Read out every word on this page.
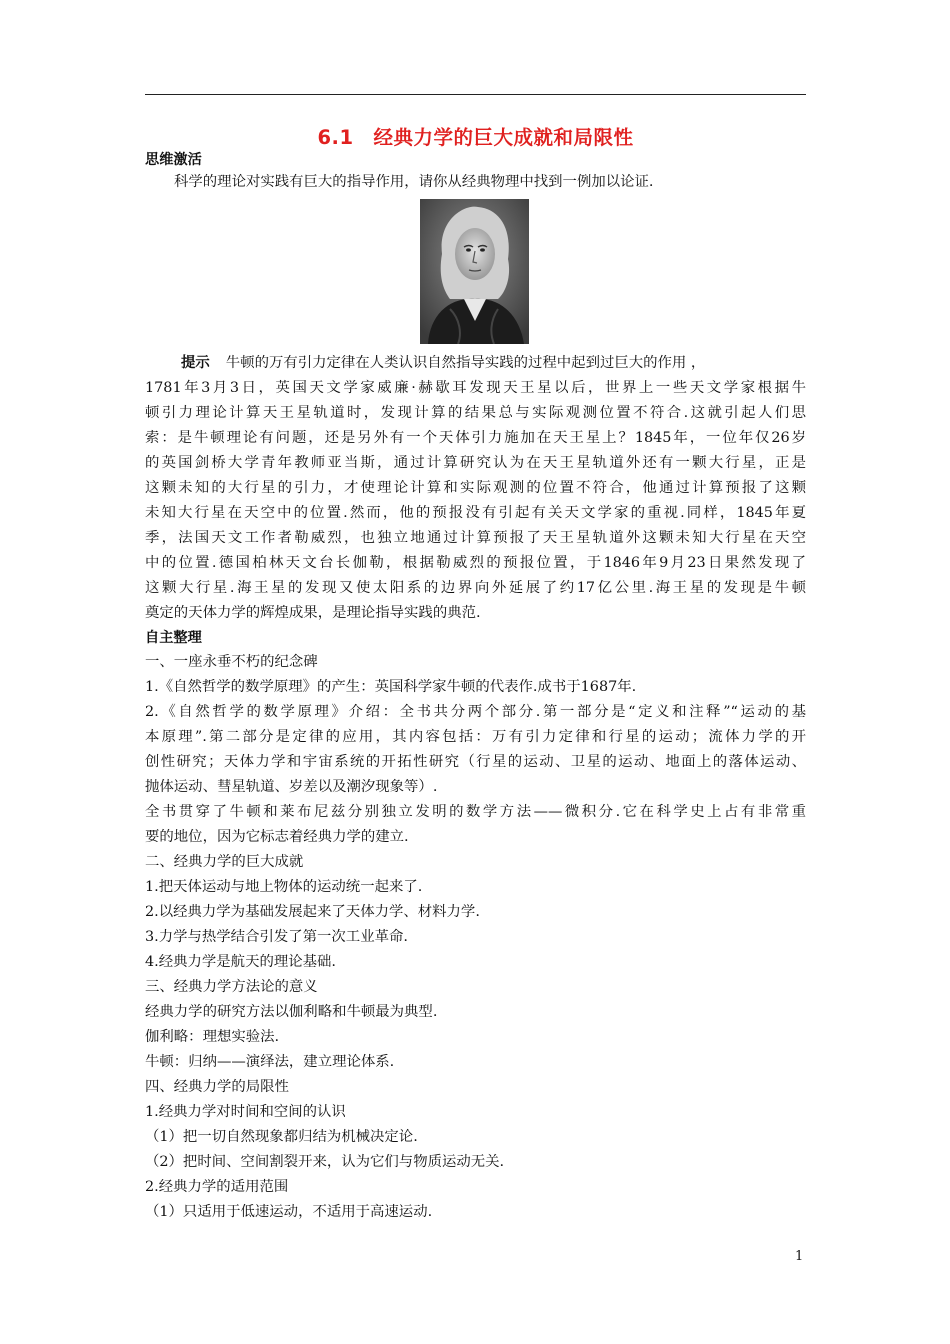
6.1　经典力学的巨大成就和局限性
思维激活
科学的理论对实践有巨大的指导作用，请你从经典物理中找到一例加以论证.
提示 牛顿的万有引力定律在人类认识自然指导实践的过程中起到过巨大的作用 ，
1781年3月3日，英国天文学家威廉·赫歇耳发现天王星以后，世界上一些天文学家根据牛
顿引力理论计算天王星轨道时，发现计算的结果总与实际观测位置不符合.这就引起人们思
索：是牛顿理论有问题，还是另外有一个天体引力施加在天王星上？1845年，一位年仅26岁
的英国剑桥大学青年教师亚当斯，通过计算研究认为在天王星轨道外还有一颗大行星，正是
这颗未知的大行星的引力，才使理论计算和实际观测的位置不符合，他通过计算预报了这颗
未知大行星在天空中的位置.然而，他的预报没有引起有关天文学家的重视.同样，1845年夏
季，法国天文工作者勒威烈，也独立地通过计算预报了天王星轨道外这颗未知大行星在天空
中的位置.德国柏林天文台长伽勒，根据勒威烈的预报位置，于1846年9月23日果然发现了
这颗大行星.海王星的发现又使太阳系的边界向外延展了约17亿公里.海王星的发现是牛顿
奠定的天体力学的辉煌成果，是理论指导实践的典范.
自主整理
一、一座永垂不朽的纪念碑
1.《自然哲学的数学原理》的产生：英国科学家牛顿的代表作.成书于1687年.
2.《自然哲学的数学原理》介绍：全书共分两个部分.第一部分是“定义和注释”“运动的基
本原理”.第二部分是定律的应用，其内容包括：万有引力定律和行星的运动；流体力学的开
创性研究；天体力学和宇宙系统的开拓性研究（行星的运动、卫星的运动、地面上的落体运动、
抛体运动、彗星轨道、岁差以及潮汐现象等）.
全书贯穿了牛顿和莱布尼兹分别独立发明的数学方法——微积分.它在科学史上占有非常重
要的地位，因为它标志着经典力学的建立.
二、经典力学的巨大成就
1.把天体运动与地上物体的运动统一起来了.
2.以经典力学为基础发展起来了天体力学、材料力学.
3.力学与热学结合引发了第一次工业革命.
4.经典力学是航天的理论基础.
三、经典力学方法论的意义
经典力学的研究方法以伽利略和牛顿最为典型.
伽利略：理想实验法.
牛顿：归纳——演绎法，建立理论体系.
四、经典力学的局限性
1.经典力学对时间和空间的认识
（1）把一切自然现象都归结为机械决定论.
（2）把时间、空间割裂开来，认为它们与物质运动无关.
2.经典力学的适用范围
（1）只适用于低速运动，不适用于高速运动.
1
